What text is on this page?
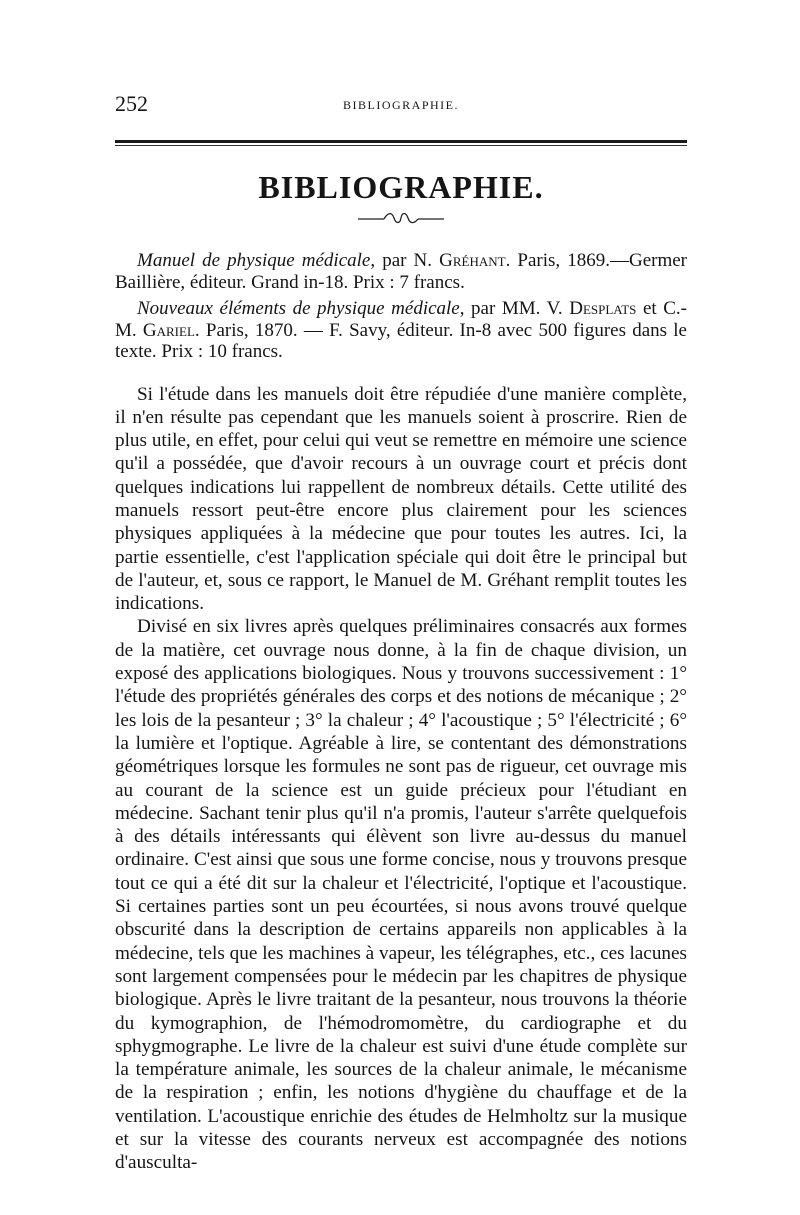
252	BIBLIOGRAPHIE.
BIBLIOGRAPHIE.

Manuel de physique médicale, par N. Gréhant. Paris, 1869.—Germer Baillière, éditeur. Grand in-18. Prix : 7 francs.

Nouveaux éléments de physique médicale, par MM. V. Desplats et C.-M. Gariel. Paris, 1870. — F. Savy, éditeur. In-8 avec 500 figures dans le texte. Prix : 10 francs.

Si l'étude dans les manuels doit être répudiée d'une manière complète, il n'en résulte pas cependant que les manuels soient à proscrire. Rien de plus utile, en effet, pour celui qui veut se remettre en mémoire une science qu'il a possédée, que d'avoir recours à un ouvrage court et précis dont quelques indications lui rappellent de nombreux détails. Cette utilité des manuels ressort peut-être encore plus clairement pour les sciences physiques appliquées à la médecine que pour toutes les autres. Ici, la partie essentielle, c'est l'application spéciale qui doit être le principal but de l'auteur, et, sous ce rapport, le Manuel de M. Gréhant remplit toutes les indications.

Divisé en six livres après quelques préliminaires consacrés aux formes de la matière, cet ouvrage nous donne, à la fin de chaque division, un exposé des applications biologiques. Nous y trouvons successivement : 1° l'étude des propriétés générales des corps et des notions de mécanique ; 2° les lois de la pesanteur ; 3° la chaleur ; 4° l'acoustique ; 5° l'électricité ; 6° la lumière et l'optique. Agréable à lire, se contentant des démonstrations géométriques lorsque les formules ne sont pas de rigueur, cet ouvrage mis au courant de la science est un guide précieux pour l'étudiant en médecine. Sachant tenir plus qu'il n'a promis, l'auteur s'arrête quelquefois à des détails intéressants qui élèvent son livre au-dessus du manuel ordinaire. C'est ainsi que sous une forme concise, nous y trouvons presque tout ce qui a été dit sur la chaleur et l'électricité, l'optique et l'acoustique. Si certaines parties sont un peu écourtées, si nous avons trouvé quelque obscurité dans la description de certains appareils non applicables à la médecine, tels que les machines à vapeur, les télégraphes, etc., ces lacunes sont largement compensées pour le médecin par les chapitres de physique biologique. Après le livre traitant de la pesanteur, nous trouvons la théorie du kymographion, de l'hémodromomètre, du cardiographe et du sphygmographe. Le livre de la chaleur est suivi d'une étude complète sur la température animale, les sources de la chaleur animale, le mécanisme de la respiration ; enfin, les notions d'hygiène du chauffage et de la ventilation. L'acoustique enrichie des études de Helmholtz sur la musique et sur la vitesse des courants nerveux est accompagnée des notions d'ausculta-
